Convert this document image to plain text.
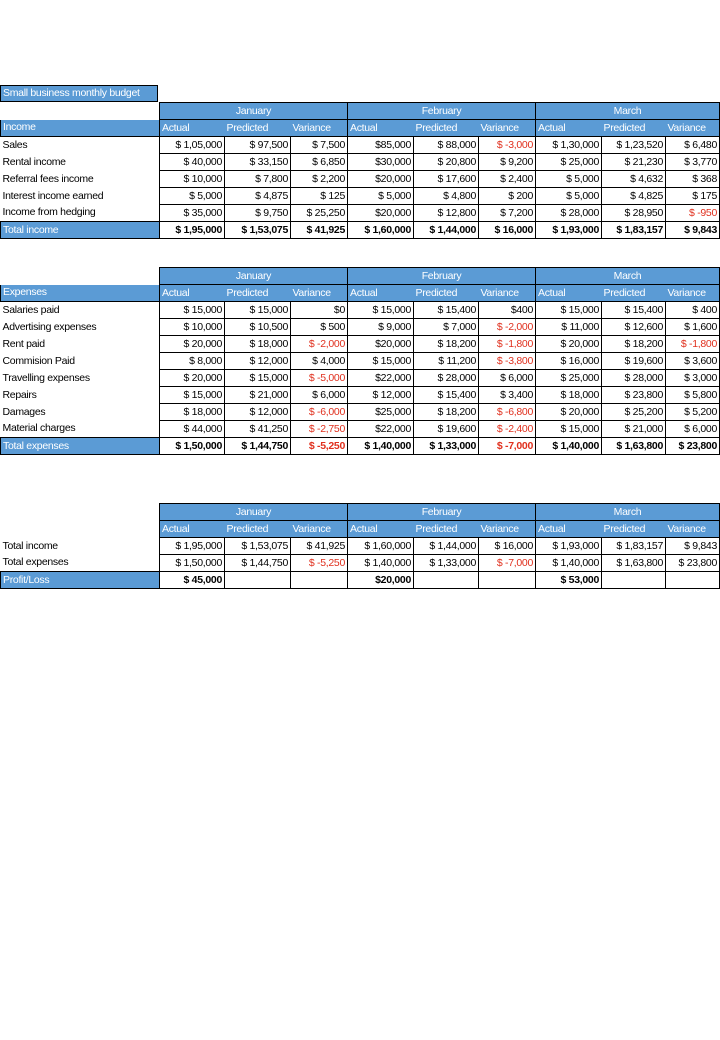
Small business monthly budget
	January			February			March		
Income	Actual	Predicted	Variance	Actual	Predicted	Variance	Actual	Predicted	Variance
Sales	$ 1,05,000	$ 97,500	$ 7,500	$85,000	$ 88,000	$ -3,000	$ 1,30,000	$ 1,23,520	$ 6,480
Rental income	$ 40,000	$ 33,150	$ 6,850	$30,000	$ 20,800	$ 9,200	$ 25,000	$ 21,230	$ 3,770
Referral fees income	$ 10,000	$ 7,800	$ 2,200	$20,000	$ 17,600	$ 2,400	$ 5,000	$ 4,632	$ 368
Interest income earned	$ 5,000	$ 4,875	$ 125	$ 5,000	$ 4,800	$ 200	$ 5,000	$ 4,825	$ 175
Income from hedging	$ 35,000	$ 9,750	$ 25,250	$20,000	$ 12,800	$ 7,200	$ 28,000	$ 28,950	$ -950
Total income	$ 1,95,000	$ 1,53,075	$ 41,925	$ 1,60,000	$ 1,44,000	$ 16,000	$ 1,93,000	$ 1,83,157	$ 9,843
	January			February			March		
Expenses	Actual	Predicted	Variance	Actual	Predicted	Variance	Actual	Predicted	Variance
Salaries paid	$ 15,000	$ 15,000	$0	$ 15,000	$ 15,400	$400	$ 15,000	$ 15,400	$ 400
Advertising expenses	$ 10,000	$ 10,500	$ 500	$ 9,000	$ 7,000	$ -2,000	$ 11,000	$ 12,600	$ 1,600
Rent paid	$ 20,000	$ 18,000	$ -2,000	$20,000	$ 18,200	$ -1,800	$ 20,000	$ 18,200	$ -1,800
Commision Paid	$ 8,000	$ 12,000	$ 4,000	$ 15,000	$ 11,200	$ -3,800	$ 16,000	$ 19,600	$ 3,600
Travelling expenses	$ 20,000	$ 15,000	$ -5,000	$22,000	$ 28,000	$ 6,000	$ 25,000	$ 28,000	$ 3,000
Repairs	$ 15,000	$ 21,000	$ 6,000	$ 12,000	$ 15,400	$ 3,400	$ 18,000	$ 23,800	$ 5,800
Damages	$ 18,000	$ 12,000	$ -6,000	$25,000	$ 18,200	$ -6,800	$ 20,000	$ 25,200	$ 5,200
Material charges	$ 44,000	$ 41,250	$ -2,750	$22,000	$ 19,600	$ -2,400	$ 15,000	$ 21,000	$ 6,000
Total expenses	$ 1,50,000	$ 1,44,750	$ -5,250	$ 1,40,000	$ 1,33,000	$ -7,000	$ 1,40,000	$ 1,63,800	$ 23,800
	January			February			March		
	Actual	Predicted	Variance	Actual	Predicted	Variance	Actual	Predicted	Variance
Total income	$ 1,95,000	$ 1,53,075	$ 41,925	$ 1,60,000	$ 1,44,000	$ 16,000	$ 1,93,000	$ 1,83,157	$ 9,843
Total expenses	$ 1,50,000	$ 1,44,750	$ -5,250	$ 1,40,000	$ 1,33,000	$ -7,000	$ 1,40,000	$ 1,63,800	$ 23,800
Profit/Loss	$ 45,000			$20,000			$ 53,000		
